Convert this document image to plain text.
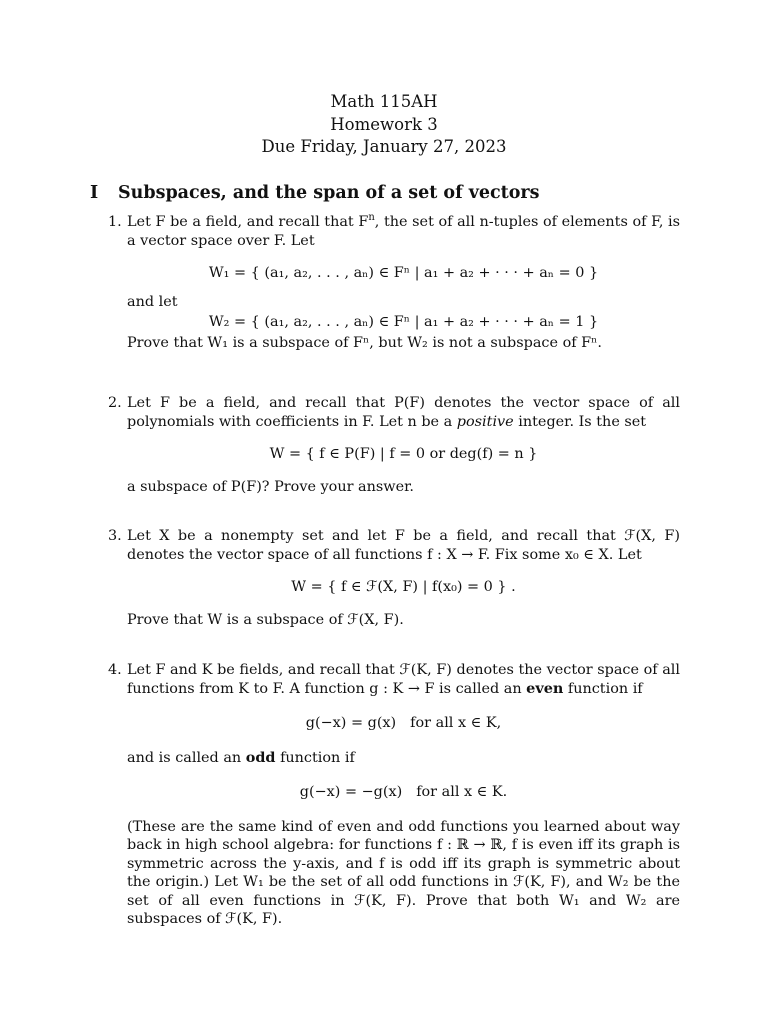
Math 115AH
Homework 3
Due Friday, January 27, 2023
I Subspaces, and the span of a set of vectors
1. Let F be a field, and recall that $F^n$, the set of all n-tuples of elements of F, is a vector space over F. Let

W₁ = { (a₁, a₂, . . . , aₙ) ∈ Fⁿ | a₁ + a₂ + · · · + aₙ = 0 }

and let

W₂ = { (a₁, a₂, . . . , aₙ) ∈ Fⁿ | a₁ + a₂ + · · · + aₙ = 1 }

Prove that W₁ is a subspace of Fⁿ, but W₂ is not a subspace of Fⁿ.

2. Let F be a field, and recall that P(F) denotes the vector space of all polynomials with coefficients in F. Let n be a positive integer. Is the set

W = { f ∈ P(F) | f = 0 or deg(f) = n }

a subspace of P(F)? Prove your answer.

3. Let X be a nonempty set and let F be a field, and recall that ℱ(X, F) denotes the vector space of all functions f : X → F. Fix some x₀ ∈ X. Let

W = { f ∈ ℱ(X, F) | f(x₀) = 0 } .

Prove that W is a subspace of ℱ(X, F).

4. Let F and K be fields, and recall that ℱ(K, F) denotes the vector space of all functions from K to F. A function g : K → F is called an even function if

g(−x) = g(x) for all x ∈ K,

and is called an odd function if

g(−x) = −g(x) for all x ∈ K.

(These are the same kind of even and odd functions you learned about way back in high school algebra: for functions f : ℝ → ℝ, f is even iff its graph is symmetric across the y-axis, and f is odd iff its graph is symmetric about the origin.) Let W₁ be the set of all odd functions in ℱ(K, F), and W₂ be the set of all even functions in ℱ(K, F). Prove that both W₁ and W₂ are subspaces of ℱ(K, F).
